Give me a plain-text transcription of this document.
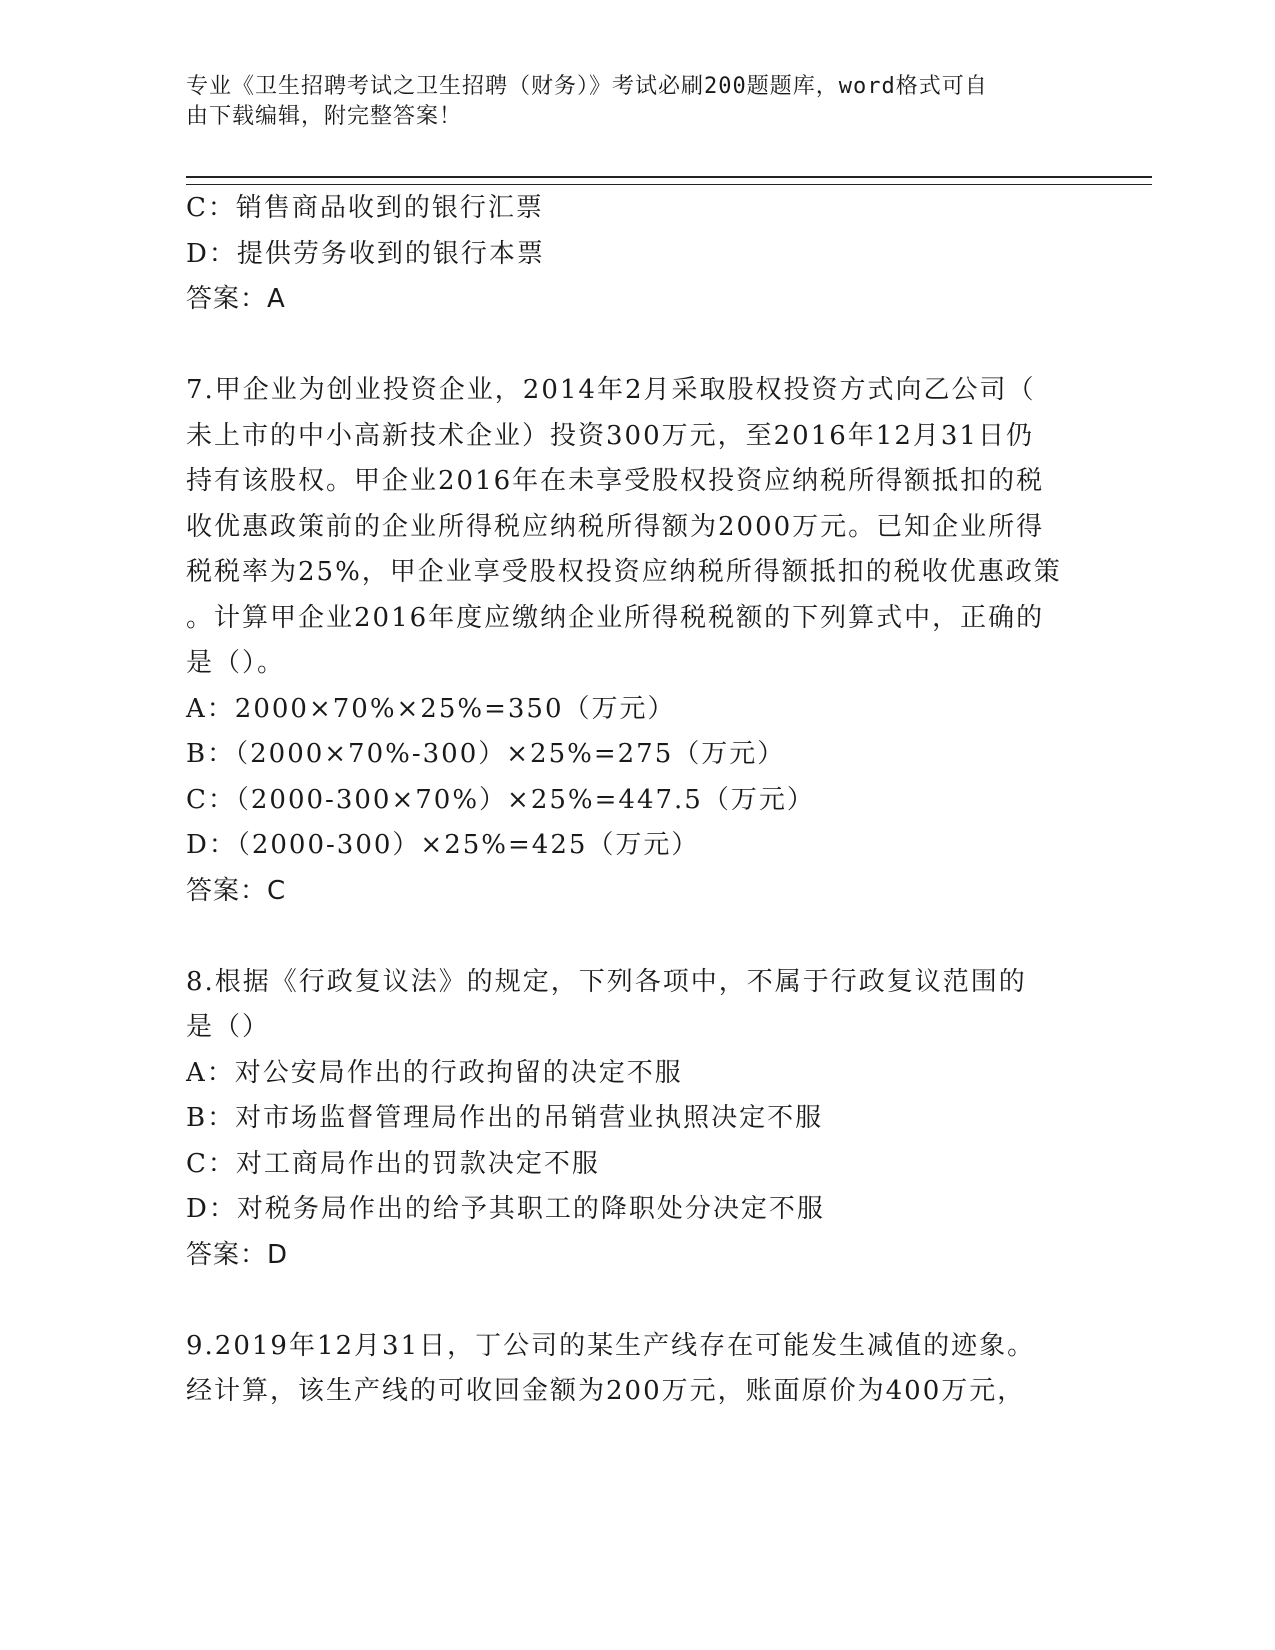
专业《卫生招聘考试之卫生招聘（财务）》考试必刷200题题库，word格式可自
由下载编辑，附完整答案！
C：销售商品收到的银行汇票
D：提供劳务收到的银行本票
答案：A
7.甲企业为创业投资企业，2014年2月采取股权投资方式向乙公司（
未上市的中小高新技术企业）投资300万元，至2016年12月31日仍
持有该股权。甲企业2016年在未享受股权投资应纳税所得额抵扣的税
收优惠政策前的企业所得税应纳税所得额为2000万元。已知企业所得
税税率为25%，甲企业享受股权投资应纳税所得额抵扣的税收优惠政策
。计算甲企业2016年度应缴纳企业所得税税额的下列算式中，正确的
是（）。
A：2000×70%×25%=350（万元）
B：（2000×70%-300）×25%=275（万元）
C：（2000-300×70%）×25%=447.5（万元）
D：（2000-300）×25%=425（万元）
答案：C
8.根据《行政复议法》的规定，下列各项中，不属于行政复议范围的
是（）
A：对公安局作出的行政拘留的决定不服
B：对市场监督管理局作出的吊销营业执照决定不服
C：对工商局作出的罚款决定不服
D：对税务局作出的给予其职工的降职处分决定不服
答案：D
9.2019年12月31日，丁公司的某生产线存在可能发生减值的迹象。
经计算，该生产线的可收回金额为200万元，账面原价为400万元，
